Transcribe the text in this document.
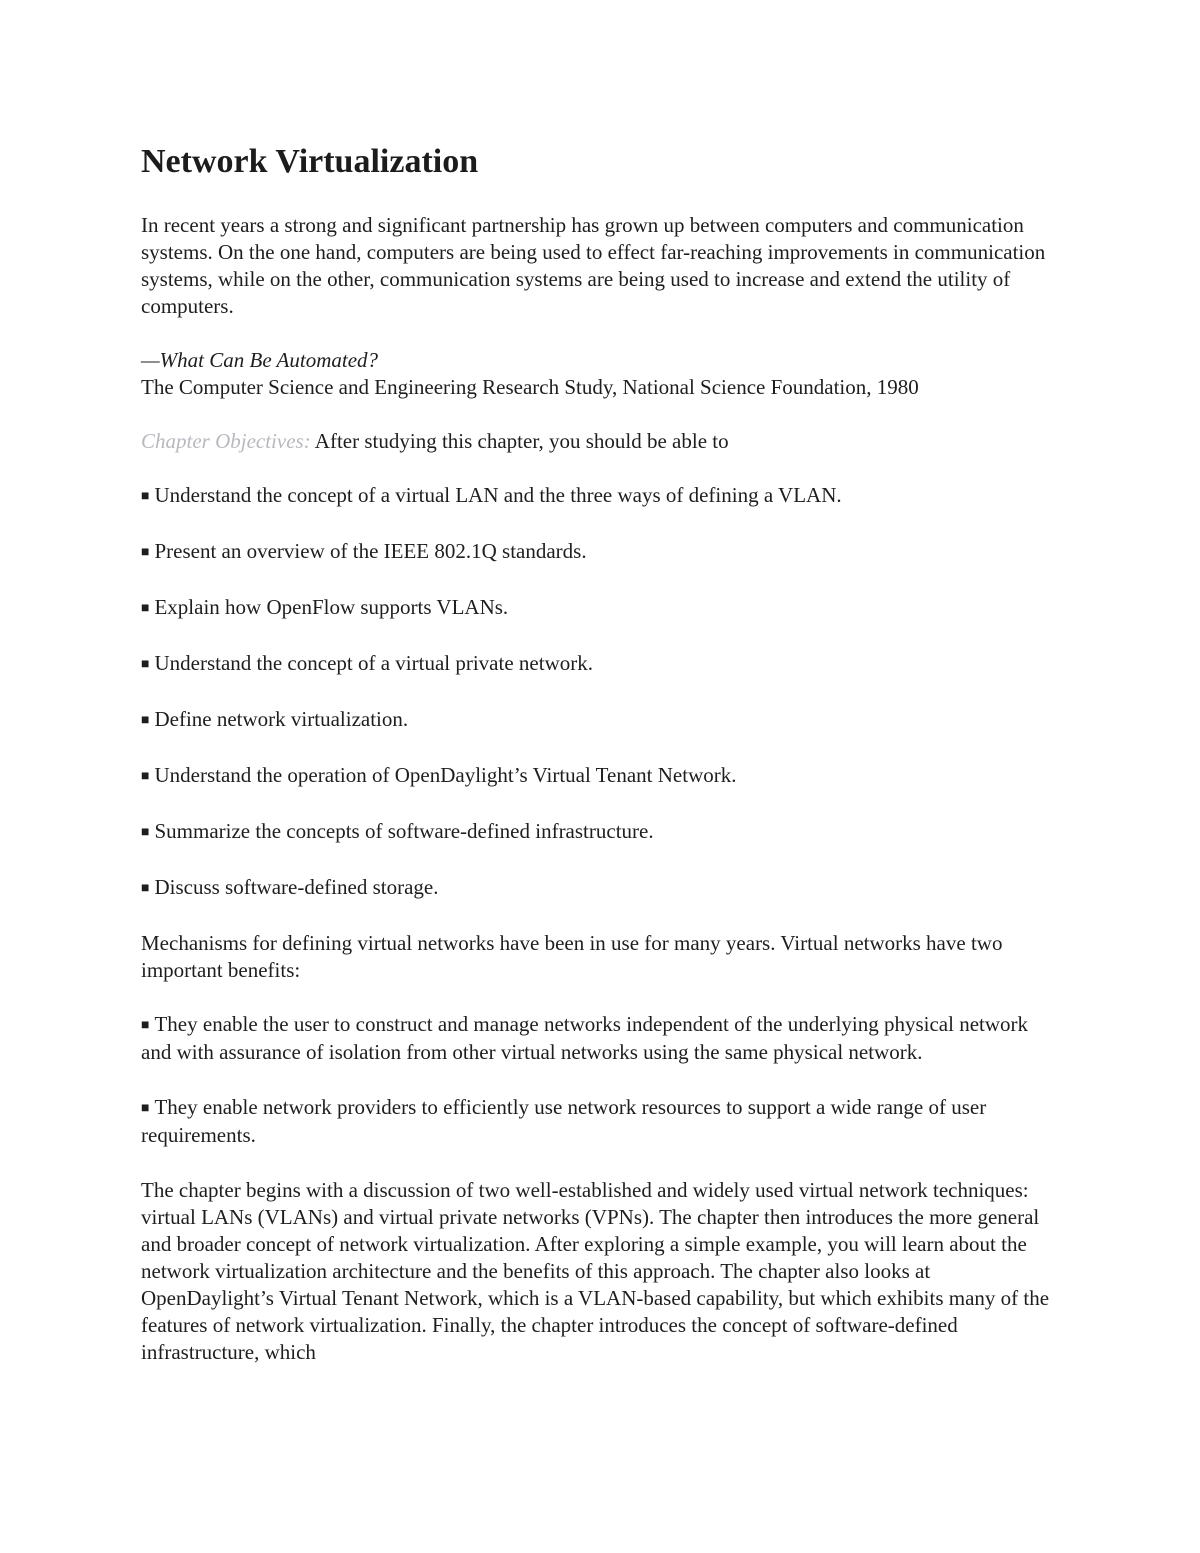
Network Virtualization

In recent years a strong and significant partnership has grown up between computers and communication systems. On the one hand, computers are being used to effect far-reaching improvements in communication systems, while on the other, communication systems are being used to increase and extend the utility of computers.

—What Can Be Automated?
The Computer Science and Engineering Research Study, National Science Foundation, 1980

Chapter Objectives: After studying this chapter, you should be able to

■ Understand the concept of a virtual LAN and the three ways of defining a VLAN.

■ Present an overview of the IEEE 802.1Q standards.

■ Explain how OpenFlow supports VLANs.

■ Understand the concept of a virtual private network.

■ Define network virtualization.

■ Understand the operation of OpenDaylight’s Virtual Tenant Network.

■ Summarize the concepts of software-defined infrastructure.

■ Discuss software-defined storage.

Mechanisms for defining virtual networks have been in use for many years. Virtual networks have two important benefits:

■ They enable the user to construct and manage networks independent of the underlying physical network and with assurance of isolation from other virtual networks using the same physical network.

■ They enable network providers to efficiently use network resources to support a wide range of user requirements.

The chapter begins with a discussion of two well-established and widely used virtual network techniques: virtual LANs (VLANs) and virtual private networks (VPNs). The chapter then introduces the more general and broader concept of network virtualization. After exploring a simple example, you will learn about the network virtualization architecture and the benefits of this approach. The chapter also looks at OpenDaylight’s Virtual Tenant Network, which is a VLAN-based capability, but which exhibits many of the features of network virtualization. Finally, the chapter introduces the concept of software-defined infrastructure, which
